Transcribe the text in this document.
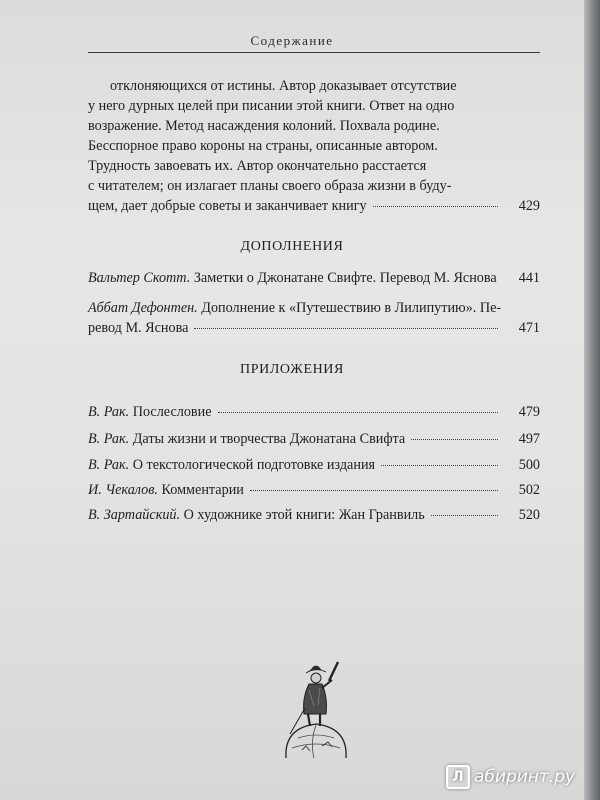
Содержание
отклоняющихся от истины. Автор доказывает отсутствие
у него дурных целей при писании этой книги. Ответ на одно
возражение. Метод насаждения колоний. Похвала родине.
Бесспорное право короны на страны, описанные автором.
Трудность завоевать их. Автор окончательно расстается
с читателем; он излагает планы своего образа жизни в буду-
щем, дает добрые советы и заканчивает книгу	429
ДОПОЛНЕНИЯ
Вальтер Скотт. Заметки о Джонатане Свифте. Перевод М. Яснова	441
Аббат Дефонтен. Дополнение к «Путешествию в Лилипутию». Пе-
ревод М. Яснова	471
ПРИЛОЖЕНИЯ
В. Рак. Послесловие	479
В. Рак. Даты жизни и творчества Джонатана Свифта	497
В. Рак. О текстологической подготовке издания	500
И. Чекалов. Комментарии	502
В. Зартайский. О художнике этой книги: Жан Гранвиль	520
Л абиринт.ру
